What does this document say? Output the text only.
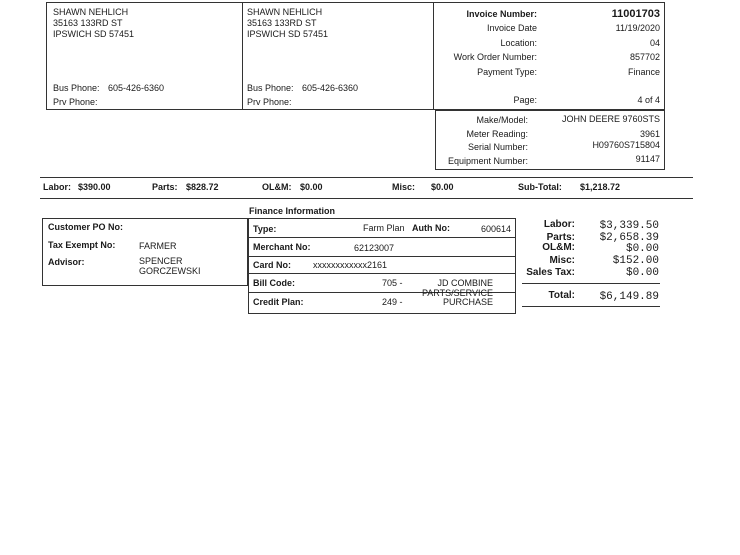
SHAWN NEHLICH
35163 133RD ST
IPSWICH SD 57451
Bus Phone: 605-426-6360
Prv Phone:
SHAWN NEHLICH
35163 133RD ST
IPSWICH SD 57451
Bus Phone: 605-426-6360
Prv Phone:
Invoice Number:	11001703
Invoice Date	11/19/2020
Location:	04
Work Order Number:	857702
Payment Type:	Finance
Page:	4 of 4
Make/Model:	JOHN DEERE 9760STS
Meter Reading:	3961
Serial Number:	H09760S715804
Equipment Number:	91147
Labor: $390.00	Parts: $828.72	OL&M: $0.00	Misc: $0.00	Sub-Total: $1,218.72
Customer PO No:
Tax Exempt No:	FARMER
Advisor:	SPENCER
GORCZEWSKI
Finance Information
Type:	Farm Plan Auth No:	600614
Merchant No:	62123007
Card No: xxxxxxxxxxxx2161
Bill Code:	705 -	JD COMBINE
PARTS/SERVICE
Credit Plan:	249 -	PURCHASE
Labor: $3,339.50
Parts: $2,658.39
OL&M:	$0.00
Misc:	$152.00
Sales Tax:	$0.00
Total: $6,149.89
